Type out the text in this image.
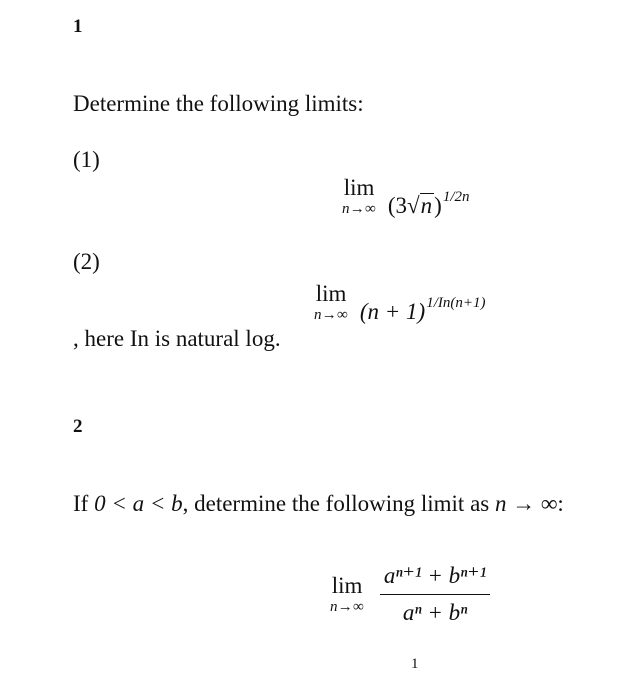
1
Determine the following limits:
(1)
lim
n→∞ $(3√n)^{1/2n}$
(2)
lim
n→∞ $(n + 1)^{1/In(n+1)}$
, here In is natural log.
2
If 0 < a < b, determine the following limit as n → ∞:
lim
n→∞
$\frac{\text{aⁿ⁺¹ + bⁿ⁺¹}}{\text{aⁿ + bⁿ}}$
1
